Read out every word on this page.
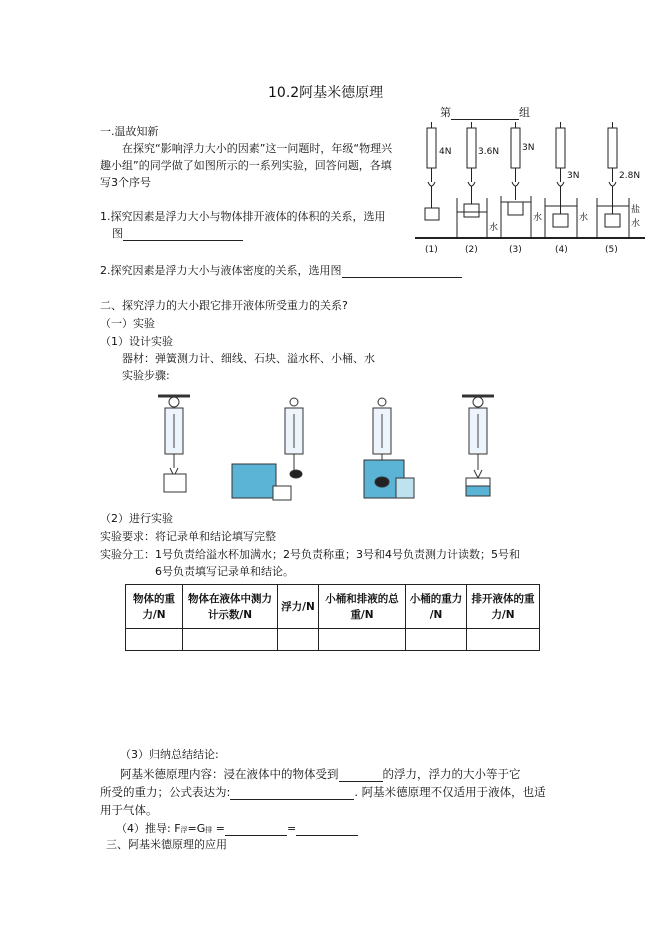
10.2阿基米德原理
第	组
一.温故知新
在探究“影响浮力大小的因素”这一问题时，年级“物理兴
趣小组”的同学做了如图所示的一系列实验，回答问题，各填
写3个序号
1.探究因素是浮力大小与物体排开液体的体积的关系，选用
图
2.探究因素是浮力大小与液体密度的关系，选用图
4N	3.6N	3N
3N	2.8N
水
水	水
盐
水
(1)	(2)	(3)	(4)	(5)
二、探究浮力的大小跟它排开液体所受重力的关系?
（一）实验
（1）设计实验
器材：弹簧测力计、细线、石块、溢水杯、小桶、水
实验步骤:
（2）进行实验
实验要求：将记录单和结论填写完整
实验分工：1号负责给溢水杯加满水；2号负责称重；3号和4号负责测力计读数；5号和
6号负责填写记录单和结论。
物体的重
力/N	物体在液体中测力
计示数/N	浮力/N	小桶和排液的总
重/N	小桶的重力
/N	排开液体的重
力/N

（3）归纳总结结论:
阿基米德原理内容：浸在液体中的物体受到	的浮力，浮力的大小等于它
所受的重力；公式表达为:	. 阿基米德原理不仅适用于液体，也适
用于气体。
（4）推导: F浮=G排 =	=
三、阿基米德原理的应用
